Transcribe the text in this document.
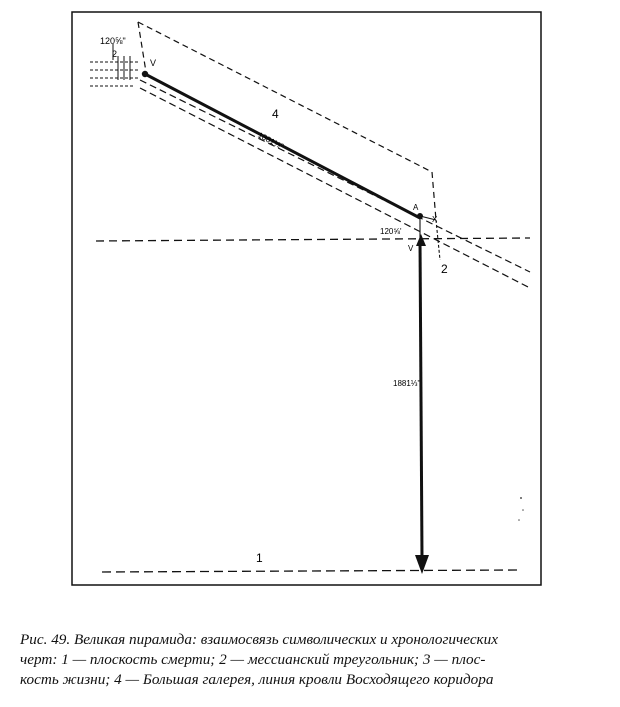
120⅝"
2
V
4
1881⅓"
A
X
120⅝'
V
2
1881⅓"
1
Рис. 49. Великая пирамида: взаимосвязь символических и хронологических
черт: 1 — плоскость смерти; 2 — мессианский треугольник; 3 — плос-
кость жизни; 4 — Большая галерея, линия кровли Восходящего коридора
